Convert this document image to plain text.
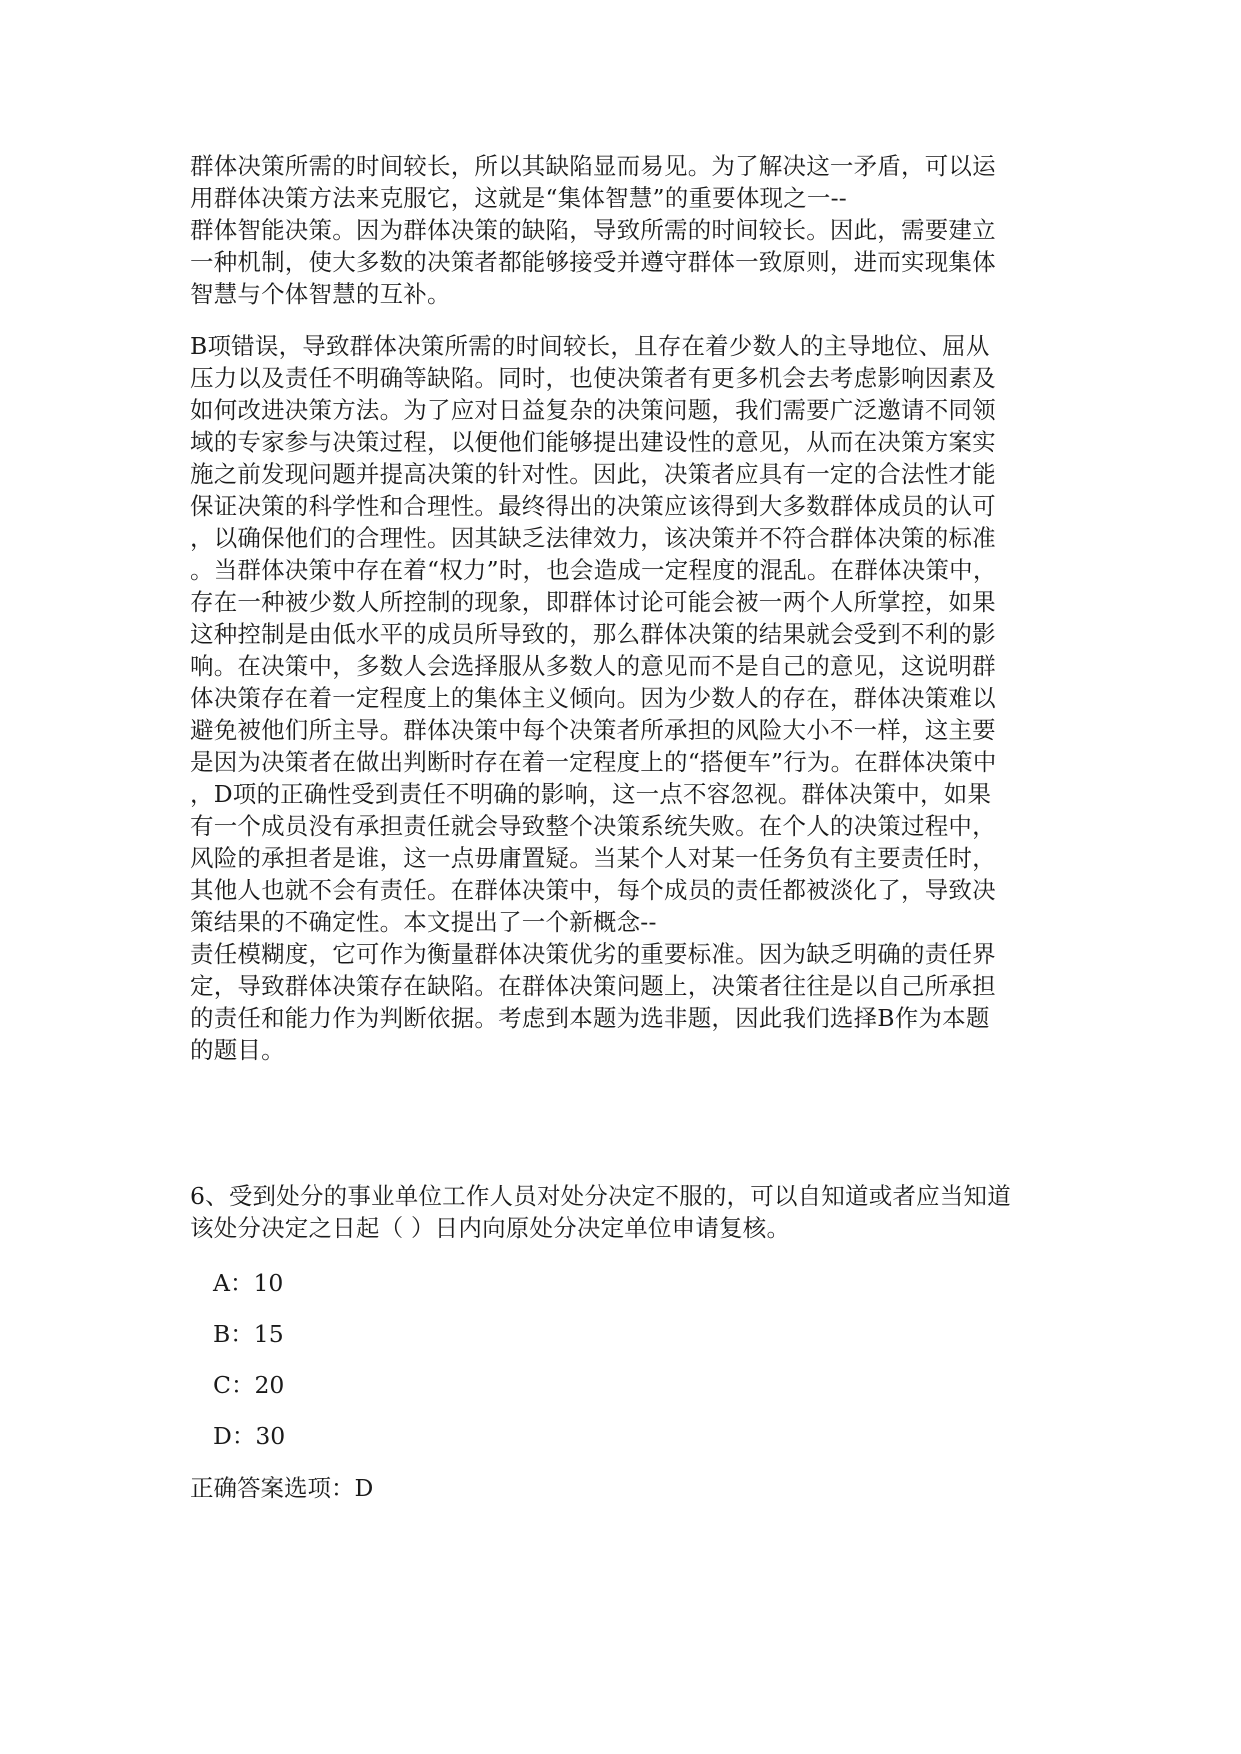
群体决策所需的时间较长，所以其缺陷显而易见。为了解决这一矛盾，可以运
用群体决策方法来克服它，这就是“集体智慧”的重要体现之一--
群体智能决策。因为群体决策的缺陷，导致所需的时间较长。因此，需要建立
一种机制，使大多数的决策者都能够接受并遵守群体一致原则，进而实现集体
智慧与个体智慧的互补。
B项错误，导致群体决策所需的时间较长，且存在着少数人的主导地位、屈从
压力以及责任不明确等缺陷。同时，也使决策者有更多机会去考虑影响因素及
如何改进决策方法。为了应对日益复杂的决策问题，我们需要广泛邀请不同领
域的专家参与决策过程，以便他们能够提出建设性的意见，从而在决策方案实
施之前发现问题并提高决策的针对性。因此，决策者应具有一定的合法性才能
保证决策的科学性和合理性。最终得出的决策应该得到大多数群体成员的认可
，以确保他们的合理性。因其缺乏法律效力，该决策并不符合群体决策的标准
。当群体决策中存在着“权力”时，也会造成一定程度的混乱。在群体决策中，
存在一种被少数人所控制的现象，即群体讨论可能会被一两个人所掌控，如果
这种控制是由低水平的成员所导致的，那么群体决策的结果就会受到不利的影
响。在决策中，多数人会选择服从多数人的意见而不是自己的意见，这说明群
体决策存在着一定程度上的集体主义倾向。因为少数人的存在，群体决策难以
避免被他们所主导。群体决策中每个决策者所承担的风险大小不一样，这主要
是因为决策者在做出判断时存在着一定程度上的“搭便车”行为。在群体决策中
，D项的正确性受到责任不明确的影响，这一点不容忽视。群体决策中，如果
有一个成员没有承担责任就会导致整个决策系统失败。在个人的决策过程中，
风险的承担者是谁，这一点毋庸置疑。当某个人对某一任务负有主要责任时，
其他人也就不会有责任。在群体决策中，每个成员的责任都被淡化了，导致决
策结果的不确定性。本文提出了一个新概念--
责任模糊度，它可作为衡量群体决策优劣的重要标准。因为缺乏明确的责任界
定，导致群体决策存在缺陷。在群体决策问题上，决策者往往是以自己所承担
的责任和能力作为判断依据。考虑到本题为选非题，因此我们选择B作为本题
的题目。
6、受到处分的事业单位工作人员对处分决定不服的，可以自知道或者应当知道
该处分决定之日起（ ）日内向原处分决定单位申请复核。
A：10
B：15
C：20
D：30
正确答案选项：D
